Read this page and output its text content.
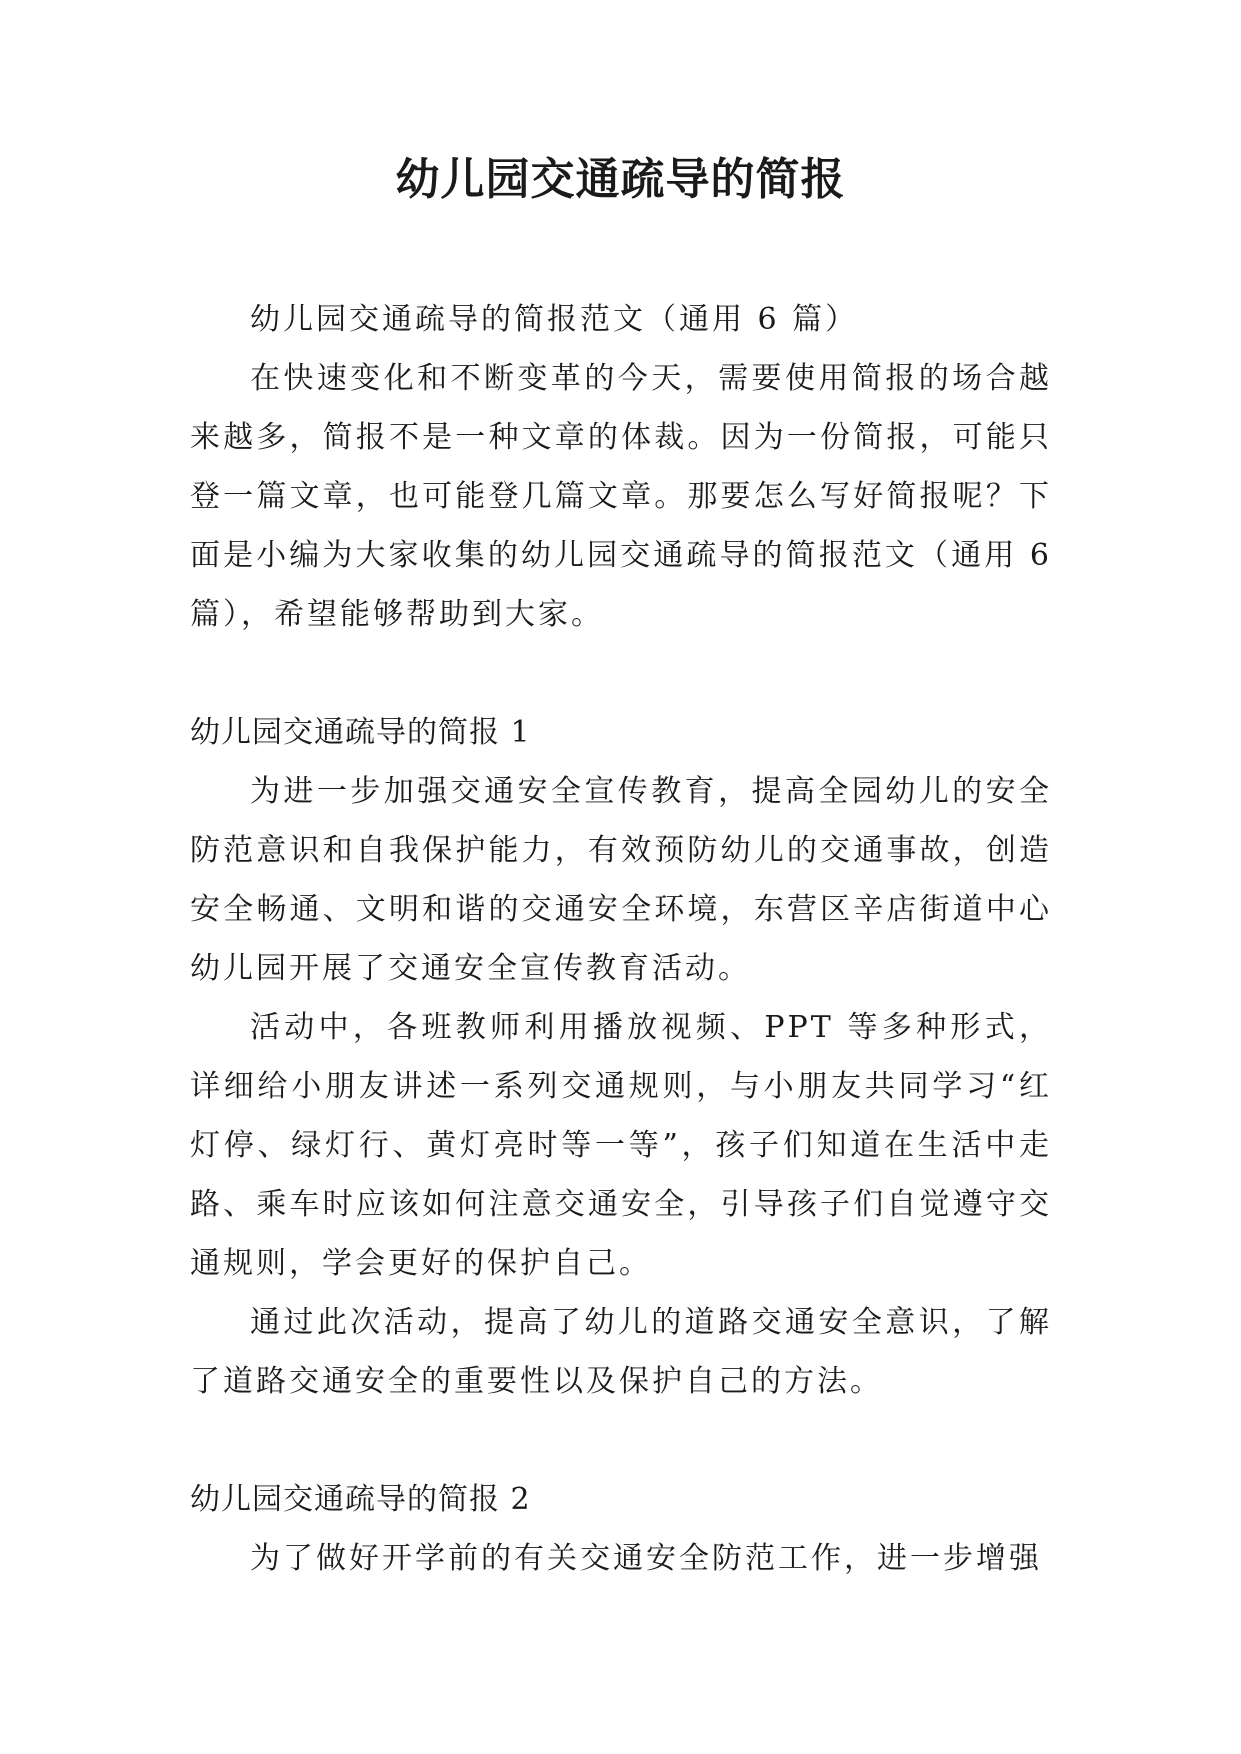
幼儿园交通疏导的简报

幼儿园交通疏导的简报范文（通用 6 篇）

在快速变化和不断变革的今天，需要使用简报的场合越来越多，简报不是一种文章的体裁。因为一份简报，可能只登一篇文章，也可能登几篇文章。那要怎么写好简报呢？下面是小编为大家收集的幼儿园交通疏导的简报范文（通用 6 篇），希望能够帮助到大家。

幼儿园交通疏导的简报 1

为进一步加强交通安全宣传教育，提高全园幼儿的安全防范意识和自我保护能力，有效预防幼儿的交通事故，创造安全畅通、文明和谐的交通安全环境，东营区辛店街道中心幼儿园开展了交通安全宣传教育活动。

活动中，各班教师利用播放视频、PPT 等多种形式，详细给小朋友讲述一系列交通规则，与小朋友共同学习“红灯停、绿灯行、黄灯亮时等一等”，孩子们知道在生活中走路、乘车时应该如何注意交通安全，引导孩子们自觉遵守交通规则，学会更好的保护自己。

通过此次活动，提高了幼儿的道路交通安全意识，了解了道路交通安全的重要性以及保护自己的方法。

幼儿园交通疏导的简报 2

为了做好开学前的有关交通安全防范工作，进一步增强
